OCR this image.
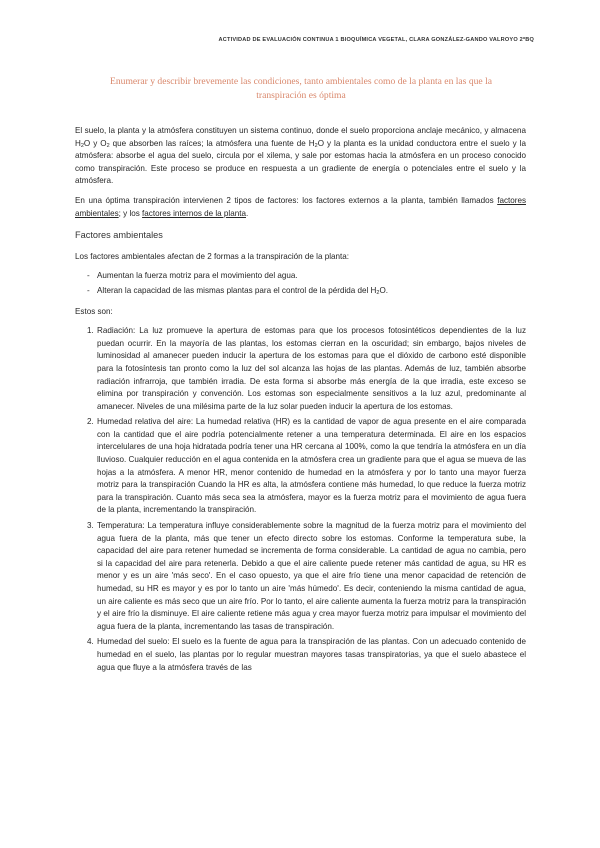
ACTIVIDAD DE EVALUACIÓN CONTINUA 1 BIOQUÍMICA VEGETAL, CLARA GONZÁLEZ-GANDO VALROYO 2ºBQ
Enumerar y describir brevemente las condiciones, tanto ambientales como de la planta en las que la transpiración es óptima

El suelo, la planta y la atmósfera constituyen un sistema continuo, donde el suelo proporciona anclaje mecánico, y almacena $H_2O$ y $O_2$ que absorben las raíces; la atmósfera una fuente de $H_2O$ y la planta es la unidad conductora entre el suelo y la atmósfera: absorbe el agua del suelo, circula por el xilema, y sale por estomas hacia la atmósfera en un proceso conocido como transpiración. Este proceso se produce en respuesta a un gradiente de energía o potenciales entre el suelo y la atmósfera.

En una óptima transpiración intervienen 2 tipos de factores: los factores externos a la planta, también llamados factores ambientales; y los factores internos de la planta.

Factores ambientales

Los factores ambientales afectan de 2 formas a la transpiración de la planta:

- Aumentan la fuerza motriz para el movimiento del agua.
- Alteran la capacidad de las mismas plantas para el control de la pérdida del $H_2O$.

Estos son:

1. Radiación: La luz promueve la apertura de estomas para que los procesos fotosintéticos dependientes de la luz puedan ocurrir. En la mayoría de las plantas, los estomas cierran en la oscuridad; sin embargo, bajos niveles de luminosidad al amanecer pueden inducir la apertura de los estomas para que el dióxido de carbono esté disponible para la fotosíntesis tan pronto como la luz del sol alcanza las hojas de las plantas. Además de luz, también absorbe radiación infrarroja, que también irradia. De esta forma si absorbe más energía de la que irradia, este exceso se elimina por transpiración y convención. Los estomas son especialmente sensitivos a la luz azul, predominante al amanecer. Niveles de una milésima parte de la luz solar pueden inducir la apertura de los estomas.
2. Humedad relativa del aire: La humedad relativa (HR) es la cantidad de vapor de agua presente en el aire comparada con la cantidad que el aire podría potencialmente retener a una temperatura determinada. El aire en los espacios intercelulares de una hoja hidratada podría tener una HR cercana al 100%, como la que tendría la atmósfera en un día lluvioso. Cualquier reducción en el agua contenida en la atmósfera crea un gradiente para que el agua se mueva de las hojas a la atmósfera. A menor HR, menor contenido de humedad en la atmósfera y por lo tanto una mayor fuerza motriz para la transpiración Cuando la HR es alta, la atmósfera contiene más humedad, lo que reduce la fuerza motriz para la transpiración. Cuanto más seca sea la atmósfera, mayor es la fuerza motriz para el movimiento de agua fuera de la planta, incrementando la transpiración.
3. Temperatura: La temperatura influye considerablemente sobre la magnitud de la fuerza motriz para el movimiento del agua fuera de la planta, más que tener un efecto directo sobre los estomas. Conforme la temperatura sube, la capacidad del aire para retener humedad se incrementa de forma considerable. La cantidad de agua no cambia, pero si la capacidad del aire para retenerla. Debido a que el aire caliente puede retener más cantidad de agua, su HR es menor y es un aire 'más seco'. En el caso opuesto, ya que el aire frío tiene una menor capacidad de retención de humedad, su HR es mayor y es por lo tanto un aire 'más húmedo'. Es decir, conteniendo la misma cantidad de agua, un aire caliente es más seco que un aire frío. Por lo tanto, el aire caliente aumenta la fuerza motriz para la transpiración y el aire frío la disminuye. El aire caliente retiene más agua y crea mayor fuerza motriz para impulsar el movimiento del agua fuera de la planta, incrementando las tasas de transpiración.
4. Humedad del suelo: El suelo es la fuente de agua para la transpiración de las plantas. Con un adecuado contenido de humedad en el suelo, las plantas por lo regular muestran mayores tasas transpiratorias, ya que el suelo abastece el agua que fluye a la atmósfera través de las
